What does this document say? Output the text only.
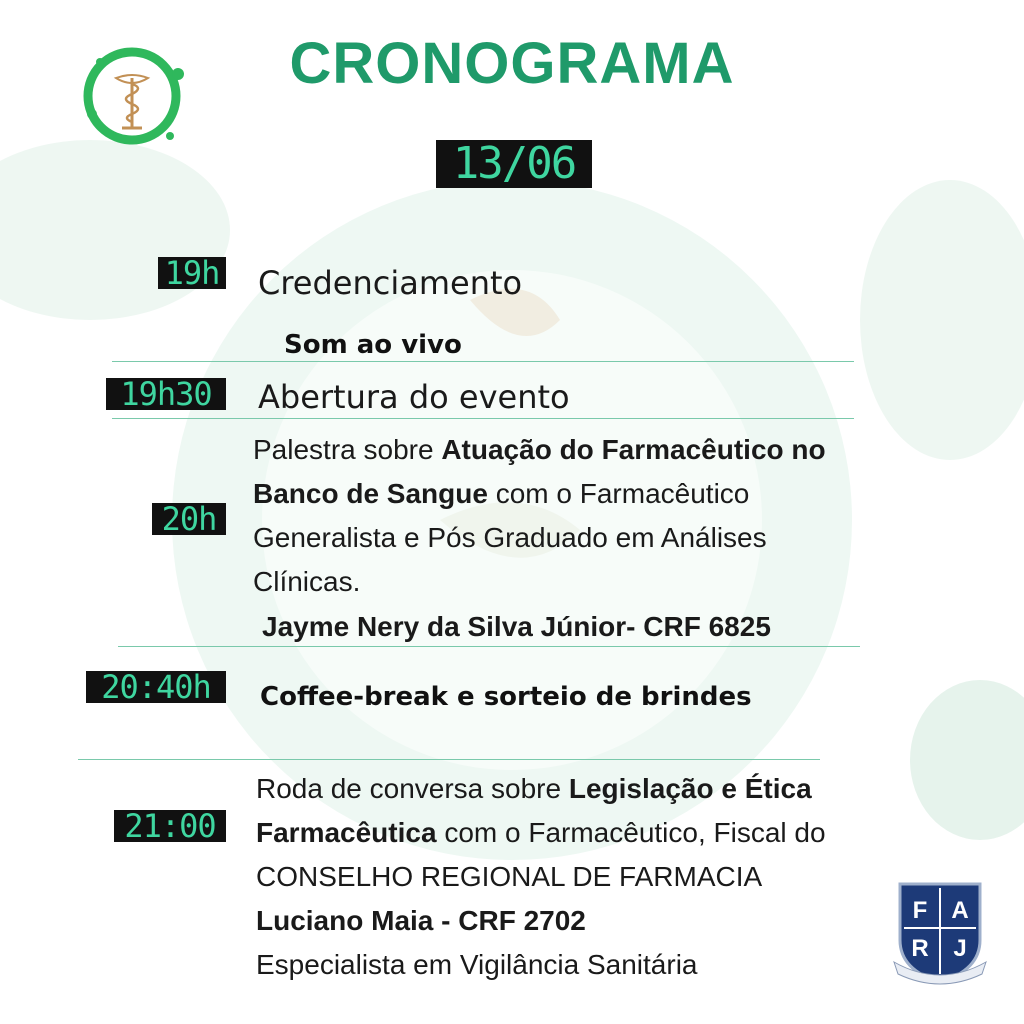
CRONOGRAMA
13/06
19h Credenciamento
Som ao vivo
19h30	Abertura do evento
20h
Palestra sobre Atuação do Farmacêutico no
Banco de Sangue com o Farmacêutico
Generalista e Pós Graduado em Análises
Clínicas.
Jayme Nery da Silva Júnior- CRF 6825
20:40h	Coffee-break e sorteio de brindes
21:00
Roda de conversa sobre Legislação e Ética
Farmacêutica com o Farmacêutico, Fiscal do
CONSELHO REGIONAL DE FARMACIA
Luciano Maia - CRF 2702
Especialista em Vigilância Sanitária
F A
R J
